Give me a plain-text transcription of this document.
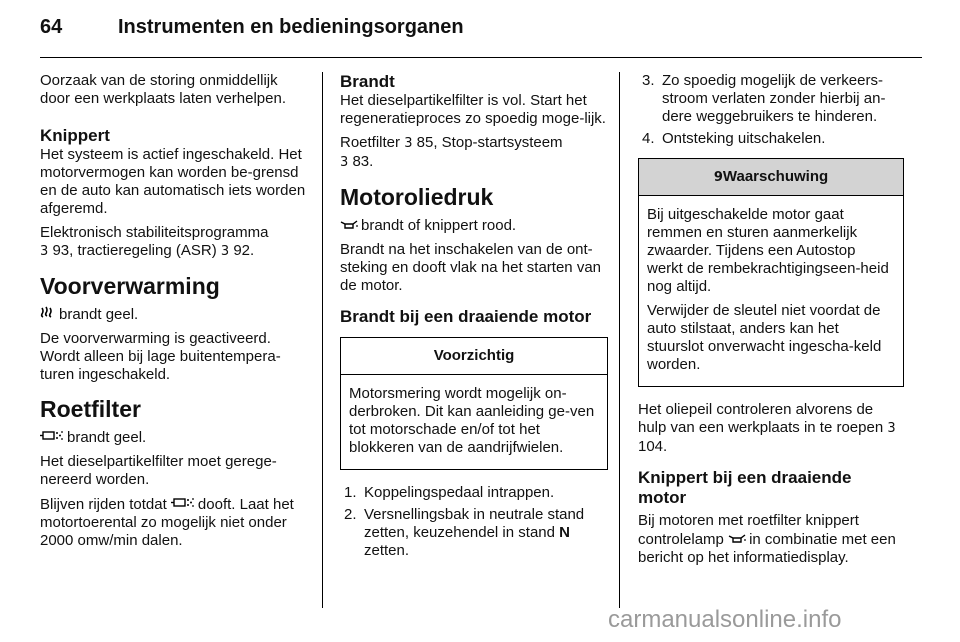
64	Instrumenten en bedieningsorganen

Oorzaak van de storing onmiddellijk door een werkplaats laten verhelpen.

Knippert

Het systeem is actief ingeschakeld. Het motorvermogen kan worden be-grensd en de auto kan automatisch iets worden afgeremd.

Elektronisch stabiliteitsprogramma
3 93, tractieregeling (ASR) 3 92.

Voorverwarming

brandt geel.

De voorverwarming is geactiveerd. Wordt alleen bij lage buitentempera-turen ingeschakeld.

Roetfilter

brandt geel.

Het dieselpartikelfilter moet gerege-nereerd worden.

Blijven rijden totdat dooft. Laat het motortoerental zo mogelijk niet onder 2000 omw/min dalen.

Brandt

Het dieselpartikelfilter is vol. Start het regeneratieproces zo spoedig moge-lijk.

Roetfilter 3 85, Stop-startsysteem
3 83.

Motoroliedruk

brandt of knippert rood.

Brandt na het inschakelen van de ont-steking en dooft vlak na het starten van de motor.

Brandt bij een draaiende motor
Voorzichtig

Motorsmering wordt mogelijk on-derbroken. Dit kan aanleiding ge-ven tot motorschade en/of tot het blokkeren van de aandrijfwielen.

1. Koppelingspedaal intrappen.
2. Versnellingsbak in neutrale stand zetten, keuzehendel in stand N zetten.
3. Zo spoedig mogelijk de verkeers-stroom verlaten zonder hierbij an-dere weggebruikers te hinderen.
4. Ontsteking uitschakelen.
9Waarschuwing

Bij uitgeschakelde motor gaat remmen en sturen aanmerkelijk zwaarder. Tijdens een Autostop werkt de rembekrachtigingseen-heid nog altijd.

Verwijder de sleutel niet voordat de auto stilstaat, anders kan het stuurslot onverwacht ingescha-keld worden.

Het oliepeil controleren alvorens de hulp van een werkplaats in te roepen 3 104.

Knippert bij een draaiende motor

Bij motoren met roetfilter knippert controlelamp in combinatie met een bericht op het informatiedisplay.

carmanualsonline.info
